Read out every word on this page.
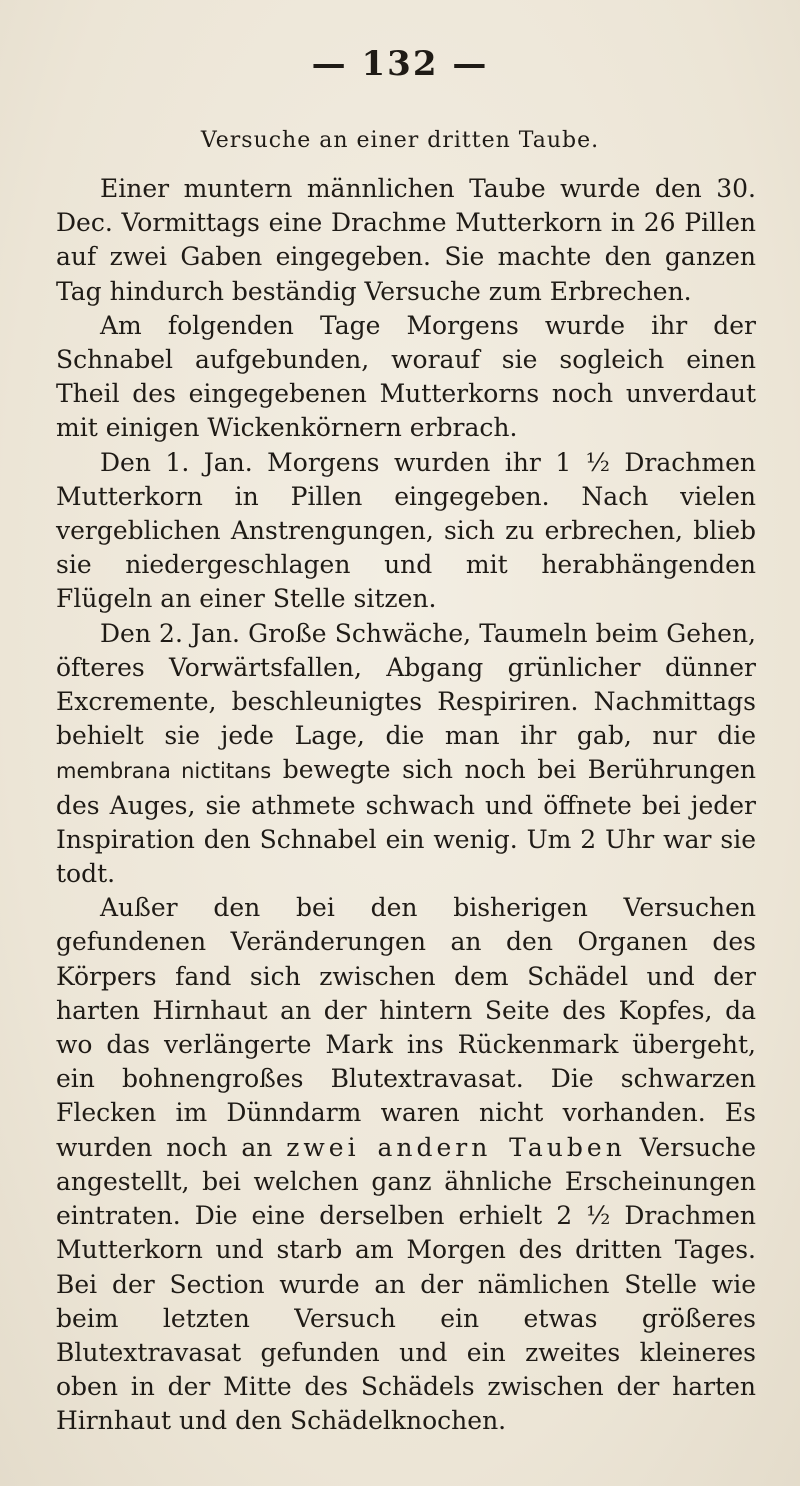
— 132 —
Versuche an einer dritten Taube.

Einer muntern männlichen Taube wurde den 30. Dec. Vormittags eine Drachme Mutterkorn in 26 Pillen auf zwei Gaben eingegeben. Sie machte den ganzen Tag hindurch beständig Versuche zum Erbrechen.

Am folgenden Tage Morgens wurde ihr der Schnabel aufgebunden, worauf sie sogleich einen Theil des eingegebenen Mutterkorns noch unverdaut mit einigen Wickenkörnern erbrach.

Den 1. Jan. Morgens wurden ihr 1 ½ Drachmen Mutterkorn in Pillen eingegeben. Nach vielen vergeblichen Anstrengungen, sich zu erbrechen, blieb sie niedergeschlagen und mit herabhängenden Flügeln an einer Stelle sitzen.

Den 2. Jan. Große Schwäche, Taumeln beim Gehen, öfteres Vorwärtsfallen, Abgang grünlicher dünner Excremente, beschleunigtes Respiriren. Nachmittags behielt sie jede Lage, die man ihr gab, nur die membrana nictitans bewegte sich noch bei Berührungen des Auges, sie athmete schwach und öffnete bei jeder Inspiration den Schnabel ein wenig. Um 2 Uhr war sie todt.

Außer den bei den bisherigen Versuchen gefundenen Veränderungen an den Organen des Körpers fand sich zwischen dem Schädel und der harten Hirnhaut an der hintern Seite des Kopfes, da wo das verlängerte Mark ins Rückenmark übergeht, ein bohnengroßes Blutextravasat. Die schwarzen Flecken im Dünndarm waren nicht vorhanden. Es wurden noch an zwei andern Tauben Versuche angestellt, bei welchen ganz ähnliche Erscheinungen eintraten. Die eine derselben erhielt 2 ½ Drachmen Mutterkorn und starb am Morgen des dritten Tages. Bei der Section wurde an der nämlichen Stelle wie beim letzten Versuch ein etwas größeres Blutextravasat gefunden und ein zweites kleineres oben in der Mitte des Schädels zwischen der harten Hirnhaut und den Schädelknochen.
